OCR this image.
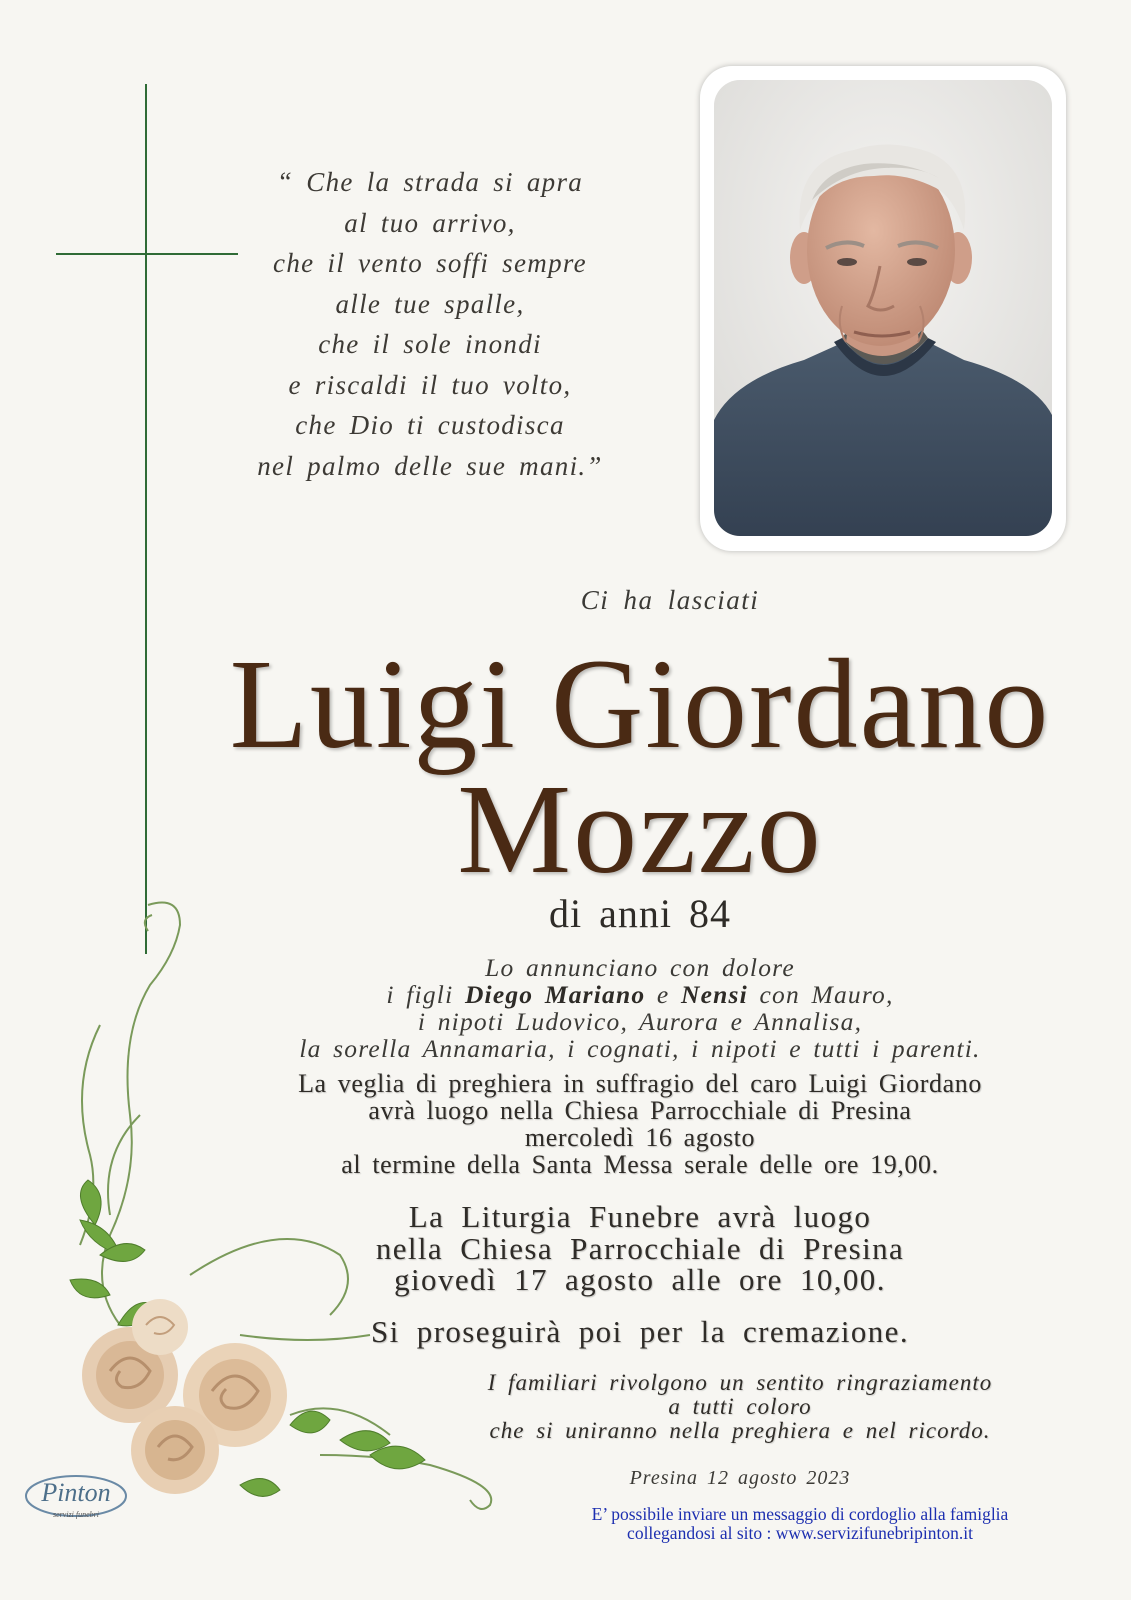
“ Che la strada si apra
al tuo arrivo,
che il vento soffi sempre
alle tue spalle,
che il sole inondi
e riscaldi il tuo volto,
che Dio ti custodisca
nel palmo delle sue mani.”
Ci ha lasciati
Luigi Giordano
Mozzo
di anni 84
Lo annunciano con dolore
i figli Diego Mariano e Nensi con Mauro,
i nipoti Ludovico, Aurora e Annalisa,
la sorella Annamaria, i cognati, i nipoti e tutti i parenti.
La veglia di preghiera in suffragio del caro Luigi Giordano
avrà luogo nella Chiesa Parrocchiale di Presina
mercoledì 16 agosto
al termine della Santa Messa serale delle ore 19,00.
La Liturgia Funebre avrà luogo
nella Chiesa Parrocchiale di Presina
giovedì 17 agosto alle ore 10,00.
Si proseguirà poi per la cremazione.
I familiari rivolgono un sentito ringraziamento
a tutti coloro
che si uniranno nella preghiera e nel ricordo.
Presina 12 agosto 2023
E’ possibile inviare un messaggio di cordoglio alla famiglia
collegandosi al sito : www.servizifunebripinton.it
Pinton
servizi funebri
